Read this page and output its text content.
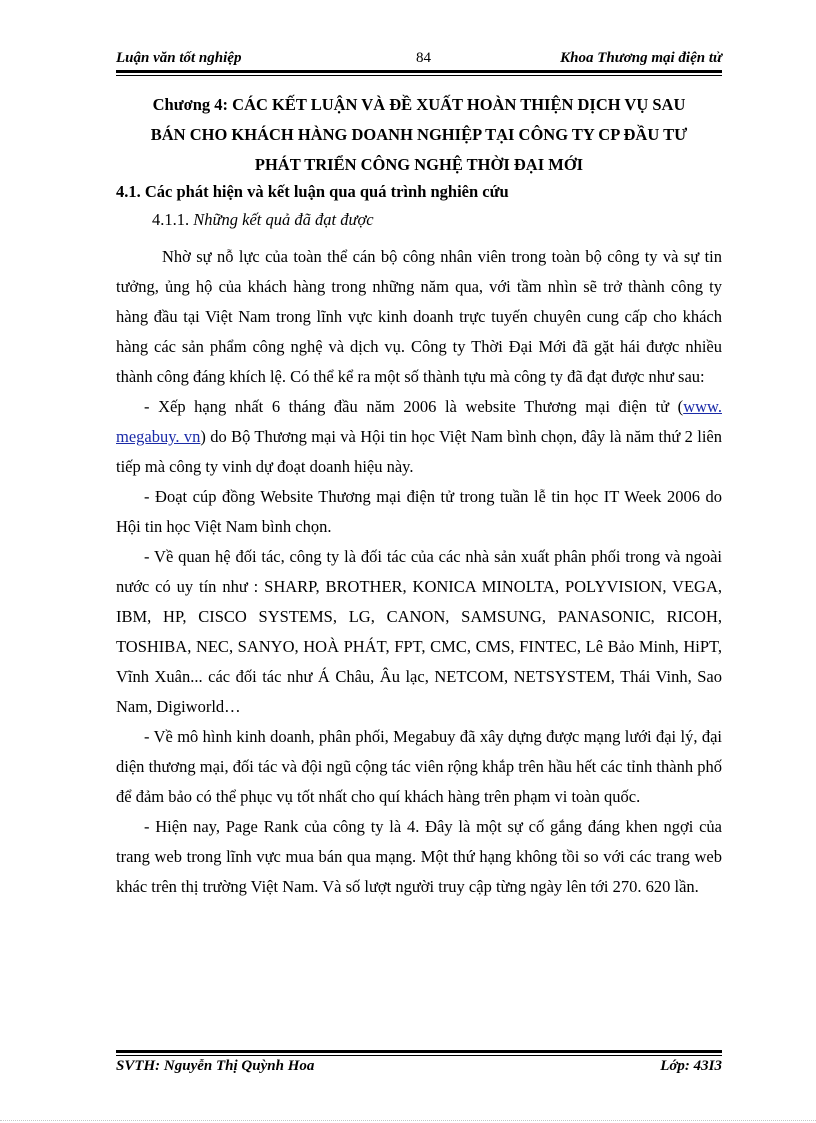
Luận văn tốt nghiệp	84	Khoa Thương mại điện tử
Chương 4: CÁC KẾT LUẬN VÀ ĐỀ XUẤT HOÀN THIỆN DỊCH VỤ SAU
BÁN CHO KHÁCH HÀNG DOANH NGHIỆP TẠI CÔNG TY CP ĐẦU TƯ
PHÁT TRIỂN CÔNG NGHỆ THỜI ĐẠI MỚI
4.1. Các phát hiện và kết luận qua quá trình nghiên cứu
4.1.1. Những kết quả đã đạt được

Nhờ sự nỗ lực của toàn thể cán bộ công nhân viên trong toàn bộ công ty và sự tin tưởng, ủng hộ của khách hàng trong những năm qua, với tầm nhìn sẽ trở thành công ty hàng đầu tại Việt Nam trong lĩnh vực kinh doanh trực tuyến chuyên cung cấp cho khách hàng các sản phẩm công nghệ và dịch vụ. Công ty Thời Đại Mới đã gặt hái được nhiều thành công đáng khích lệ. Có thể kể ra một số thành tựu mà công ty đã đạt được như sau:

- Xếp hạng nhất 6 tháng đầu năm 2006 là website Thương mại điện tử (www. megabuy. vn) do Bộ Thương mại và Hội tin học Việt Nam bình chọn, đây là năm thứ 2 liên tiếp mà công ty vinh dự đoạt doanh hiệu này.

- Đoạt cúp đồng Website Thương mại điện tử trong tuần lễ tin học IT Week 2006 do Hội tin học Việt Nam bình chọn.

- Về quan hệ đối tác, công ty là đối tác của các nhà sản xuất phân phối trong và ngoài nước có uy tín như : SHARP, BROTHER, KONICA MINOLTA, POLYVISION, VEGA, IBM, HP, CISCO SYSTEMS, LG, CANON, SAMSUNG, PANASONIC, RICOH, TOSHIBA, NEC, SANYO, HOÀ PHÁT, FPT, CMC, CMS, FINTEC, Lê Bảo Minh, HiPT, Vĩnh Xuân... các đối tác như Á Châu, Âu lạc, NETCOM, NETSYSTEM, Thái Vinh, Sao Nam, Digiworld…

- Về mô hình kinh doanh, phân phối, Megabuy đã xây dựng được mạng lưới đại lý, đại diện thương mại, đối tác và đội ngũ cộng tác viên rộng khắp trên hầu hết các tỉnh thành phố để đảm bảo có thể phục vụ tốt nhất cho quí khách hàng trên phạm vi toàn quốc.

- Hiện nay, Page Rank của công ty là 4. Đây là một sự cố gắng đáng khen ngợi của trang web trong lĩnh vực mua bán qua mạng. Một thứ hạng không tồi so với các trang web khác trên thị trường Việt Nam. Và số lượt người truy cập từng ngày lên tới 270. 620 lần.

SVTH: Nguyễn Thị Quỳnh Hoa	Lớp: 43I3
